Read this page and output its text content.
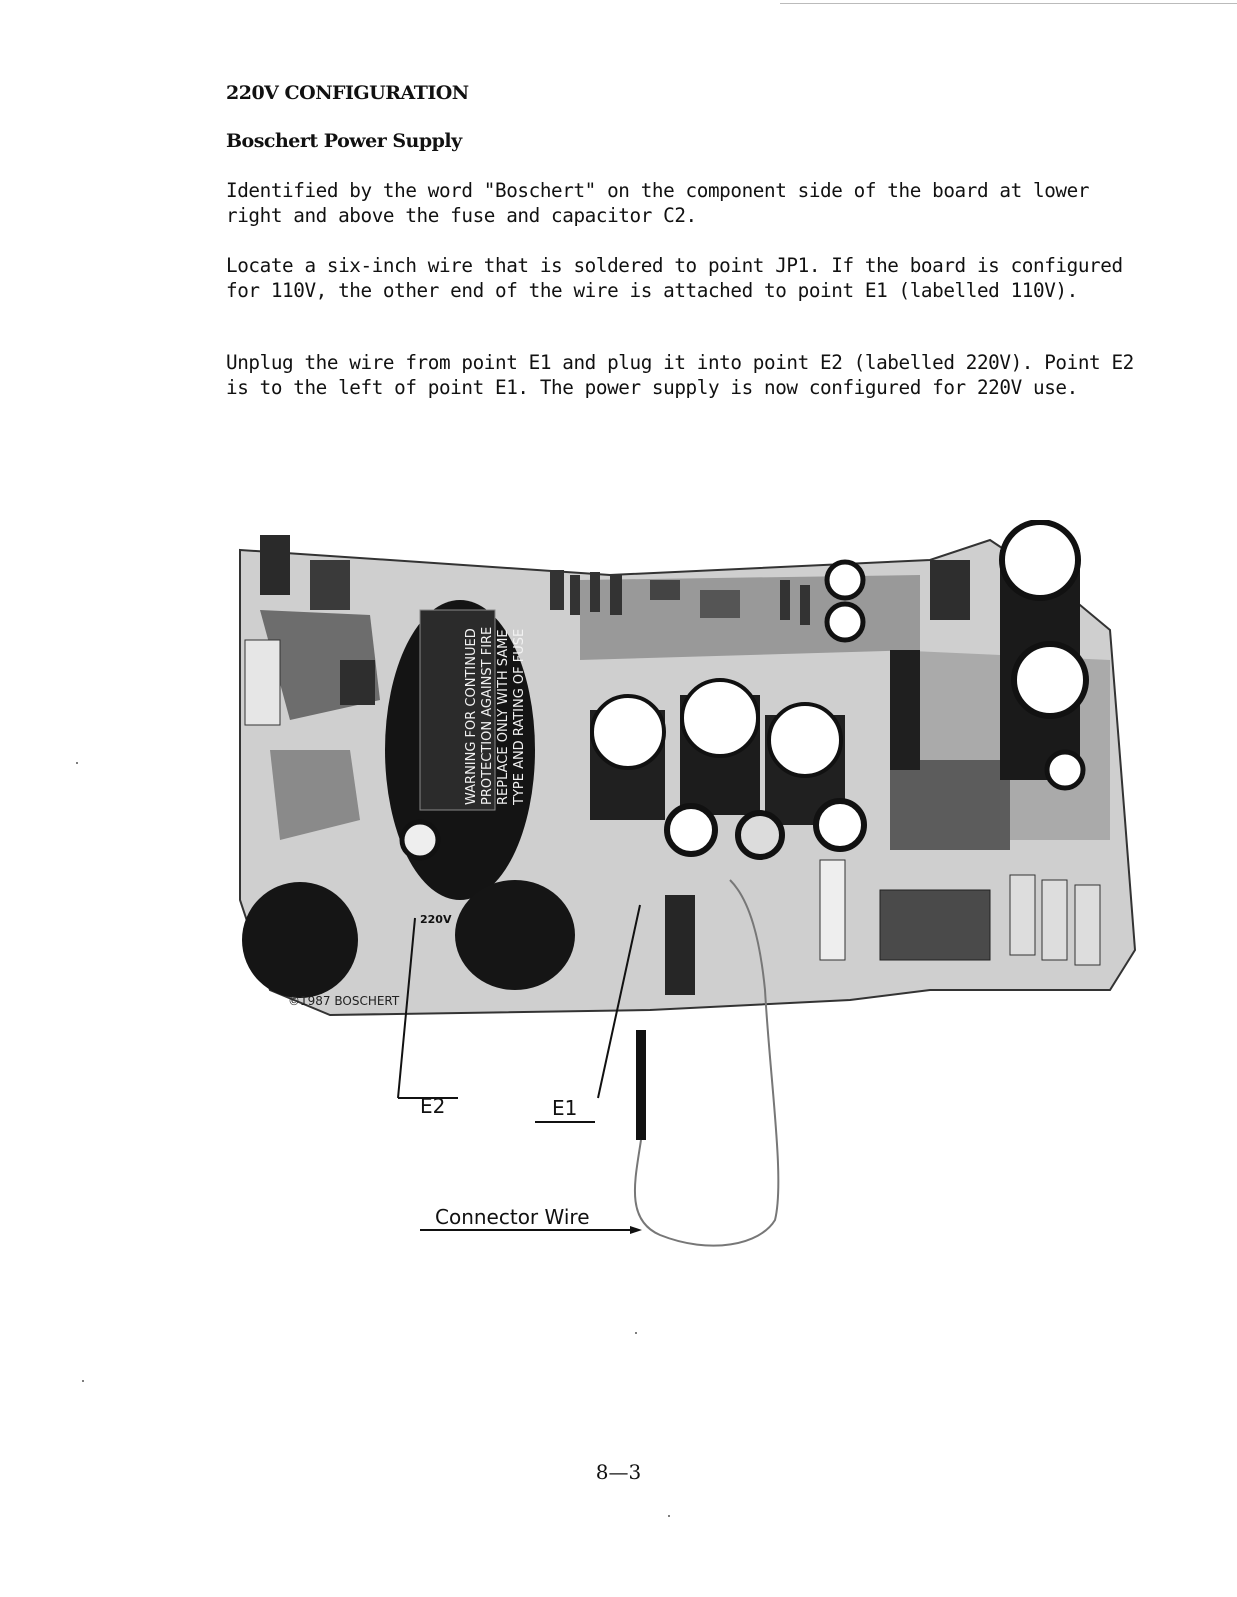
220V CONFIGURATION
Boschert Power Supply

Identified by the word "Boschert" on the component side of the board at lower right and above the fuse and capacitor C2.

Locate a six-inch wire that is soldered to point JP1. If the board is configured for 110V, the other end of the wire is attached to point E1 (labelled 110V).

Unplug the wire from point E1 and plug it into point E2 (labelled 220V). Point E2 is to the left of point E1. The power supply is now configured for 220V use.

WARNING FOR CONTINUED PROTECTION AGAINST FIRE REPLACE ONLY WITH SAME TYPE AND RATING OF FUSE
220V
©1987 BOSCHERT
E2	E1
Connector Wire
8—3
